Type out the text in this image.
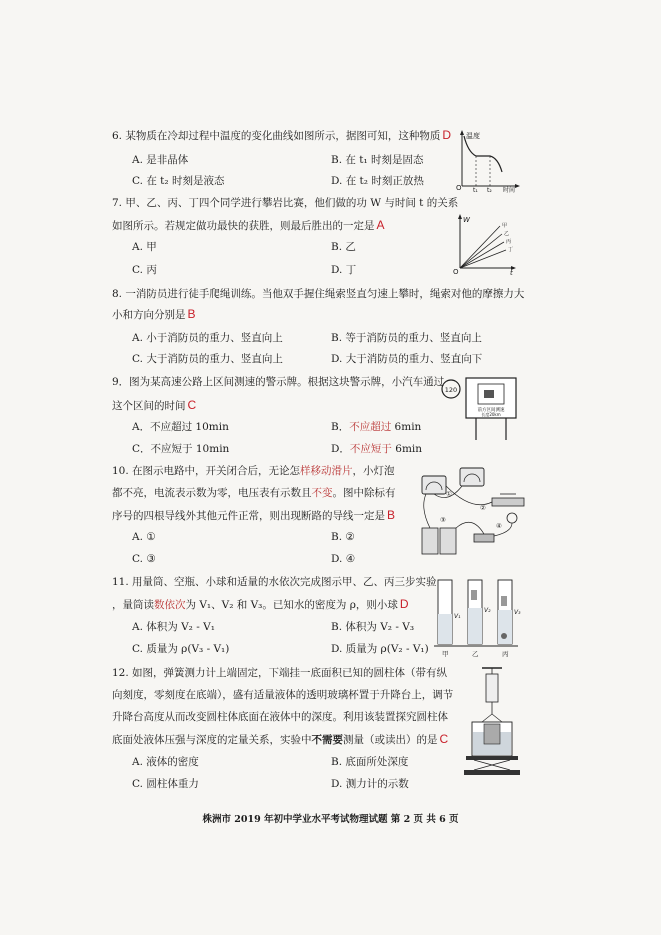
6. 某物质在冷却过程中温度的变化曲线如图所示，据图可知，这种物质 D
A. 是非晶体	B. 在 t₁ 时刻是固态
C. 在 t₂ 时刻是液态	D. 在 t₂ 时刻正放热
温度
O t₁ t₂ 时间
7. 甲、乙、丙、丁四个同学进行攀岩比赛，他们做的功 W 与时间 t 的关系
如图所示。若规定做功最快的获胜，则最后胜出的一定是 A
A. 甲	B. 乙
C. 丙	D. 丁
W
O	t
甲
乙
丙
丁
8. 一消防员进行徒手爬绳训练。当他双手握住绳索竖直匀速上攀时，绳索对他的摩擦力大
小和方向分别是 B
A. 小于消防员的重力、竖直向上	B. 等于消防员的重力、竖直向上
C. 大于消防员的重力、竖直向上	D. 大于消防员的重力、竖直向下
9．图为某高速公路上区间测速的警示牌。根据这块警示牌，小汽车通过
这个区间的时间 C
A．不应超过 10min	B．不应超过 6min
C．不应短于 10min	D．不应短于 6min
120
前方区间测速
长度20km
10. 在图示电路中，开关闭合后，无论怎样移动滑片，小灯泡
都不亮，电流表示数为零，电压表有示数且不变。图中除标有
序号的四根导线外其他元件正常，则出现断路的导线一定是 B
A. ①	B. ②
C. ③	D. ④
①
②
③
④
11. 用量筒、空瓶、小球和适量的水依次完成图示甲、乙、丙三步实验
，量筒读数依次为 V₁、V₂ 和 V₃。已知水的密度为 ρ，则小球 D
A. 体积为 V₂ - V₁	B. 体积为 V₂ - V₃
C. 质量为 ρ(V₃ - V₁)	D. 质量为 ρ(V₂ - V₁)
V₁
V₂	V₃
甲	乙	丙
12. 如图，弹簧测力计上端固定，下端挂一底面积已知的圆柱体（带有纵
向刻度，零刻度在底端），盛有适量液体的透明玻璃杯置于升降台上，调节
升降台高度从而改变圆柱体底面在液体中的深度。利用该装置探究圆柱体
底面处液体压强与深度的定量关系，实验中不需要测量（或读出）的是 C
A. 液体的密度	B. 底面所处深度
C. 圆柱体重力	D. 测力计的示数
株洲市 2019 年初中学业水平考试物理试题 第 2 页 共 6 页
